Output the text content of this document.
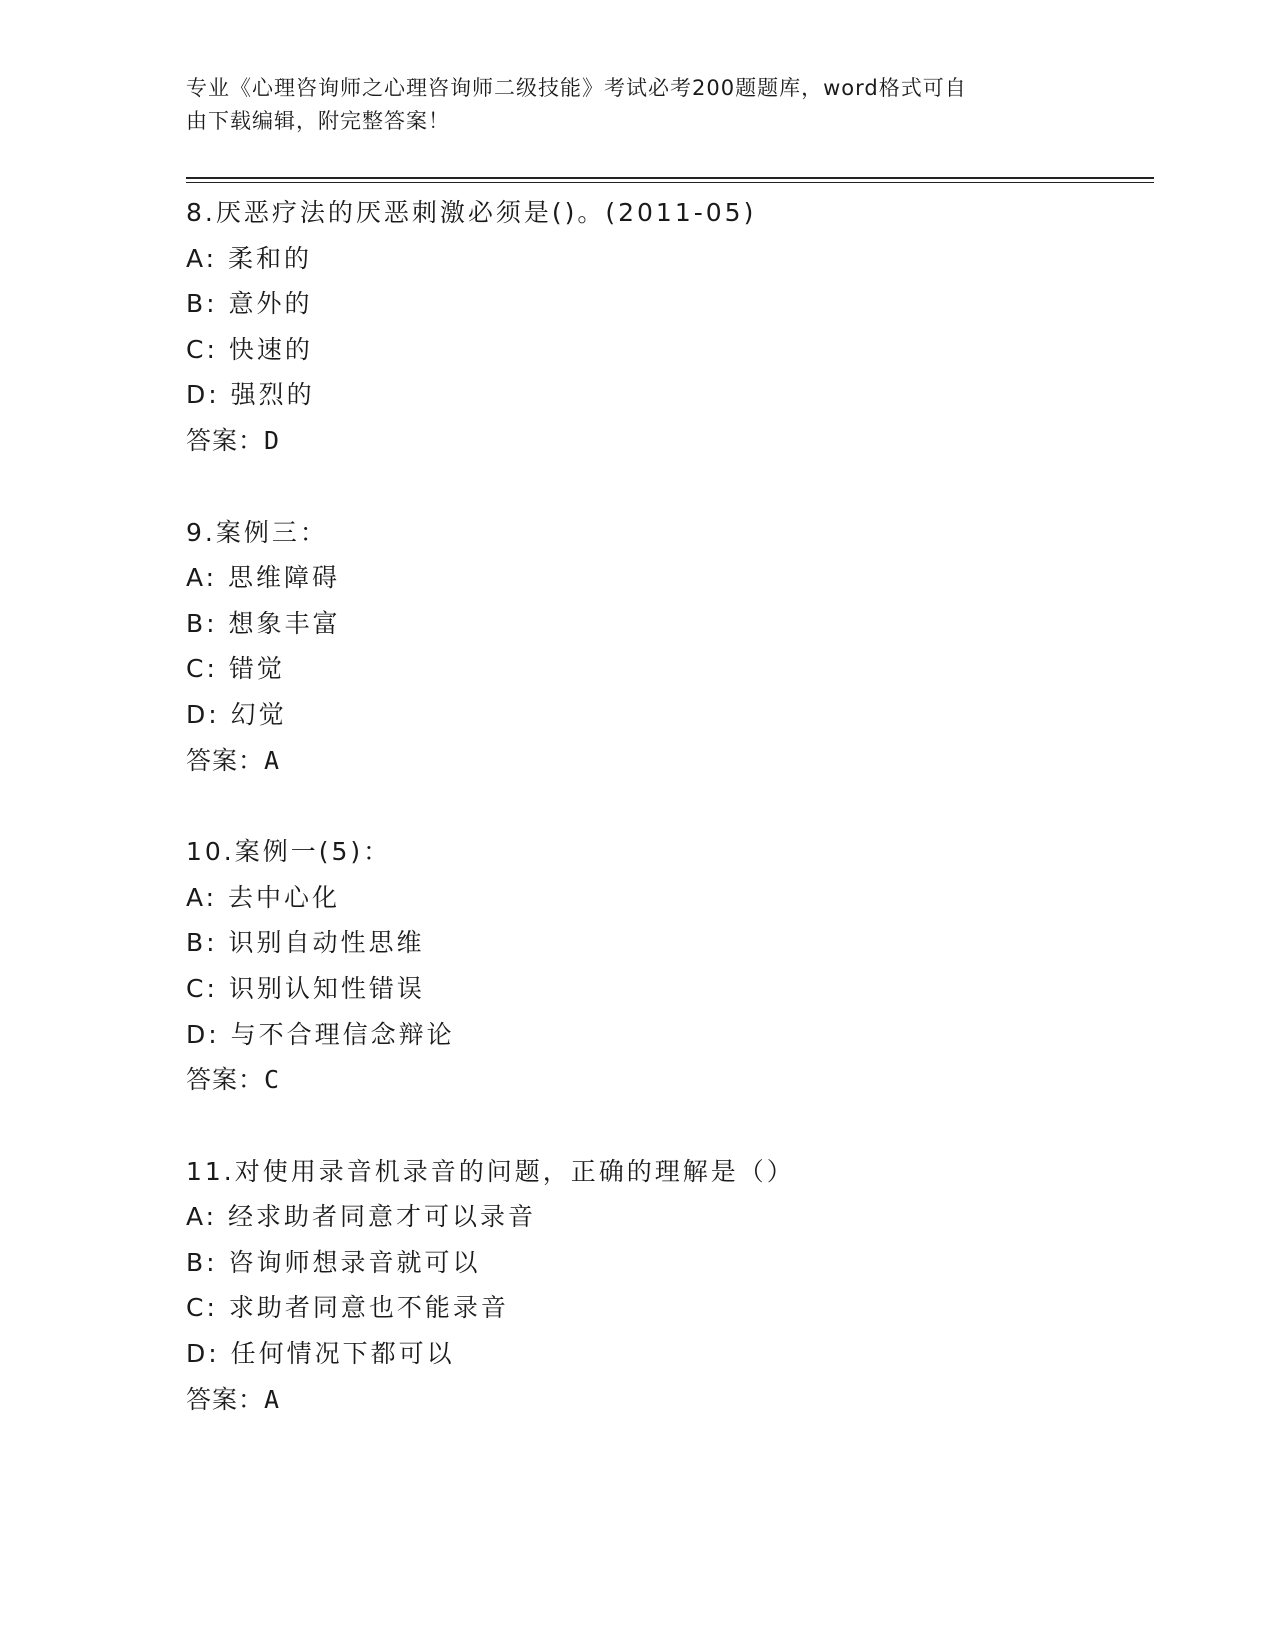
专业《心理咨询师之心理咨询师二级技能》考试必考200题题库，word格式可自
由下载编辑，附完整答案！
8.厌恶疗法的厌恶刺激必须是()。(2011-05)
A: 柔和的
B: 意外的
C: 快速的
D: 强烈的
答案：D
9.案例三：
A: 思维障碍
B: 想象丰富
C: 错觉
D: 幻觉
答案：A
10.案例一(5)：
A: 去中心化
B: 识别自动性思维
C: 识别认知性错误
D: 与不合理信念辩论
答案：C
11.对使用录音机录音的问题，正确的理解是（）
A: 经求助者同意才可以录音
B: 咨询师想录音就可以
C: 求助者同意也不能录音
D: 任何情况下都可以
答案：A
